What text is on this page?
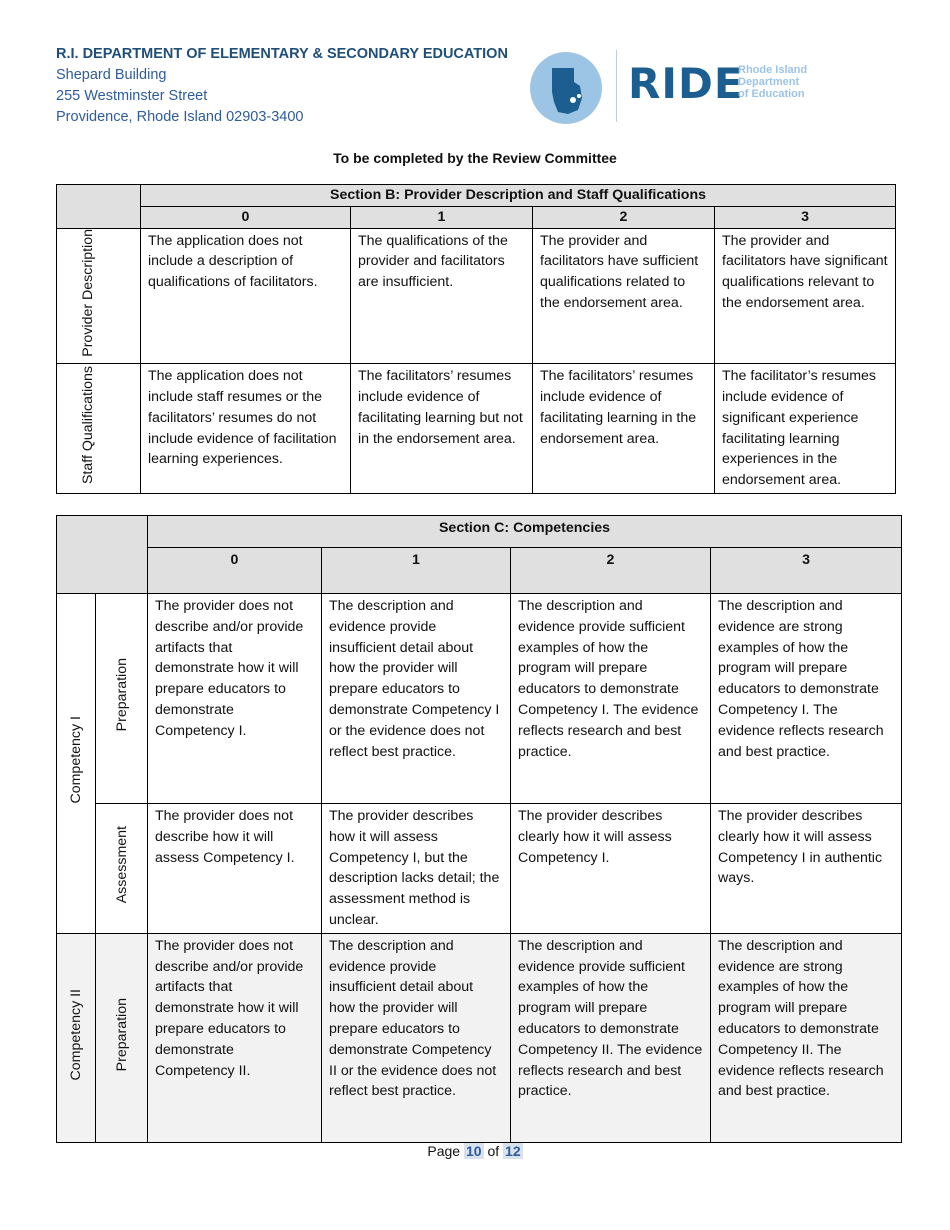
R.I. DEPARTMENT OF ELEMENTARY & SECONDARY EDUCATION
Shepard Building
255 Westminster Street
Providence, Rhode Island 02903-3400
RIDE
Rhode Island
Department
of Education
To be completed by the Review Committee
	Section B: Provider Description and Staff Qualifications			
	0	1	2	3
Provider Description	The application does not include a description of qualifications of facilitators.	The qualifications of the provider and facilitators are insufficient.	The provider and facilitators have sufficient qualifications related to the endorsement area.	The provider and facilitators have significant qualifications relevant to the endorsement area.
Staff Qualifications	The application does not include staff resumes or the facilitators’ resumes do not include evidence of facilitation learning experiences.	The facilitators’ resumes include evidence of facilitating learning but not in the endorsement area.	The facilitators’ resumes include evidence of facilitating learning in the endorsement area.	The facilitator’s resumes include evidence of significant experience facilitating learning experiences in the endorsement area.
		Section C: Competencies			
		0	1	2	3
Competency I	Preparation	The provider does not describe and/or provide artifacts that demonstrate how it will prepare educators to demonstrate Competency I.	The description and evidence provide insufficient detail about how the provider will prepare educators to demonstrate Competency I or the evidence does not reflect best practice.	The description and evidence provide sufficient examples of how the program will prepare educators to demonstrate Competency I. The evidence reflects research and best practice.	The description and evidence are strong examples of how the program will prepare educators to demonstrate Competency I. The evidence reflects research and best practice.
	Assessment	The provider does not describe how it will assess Competency I.	The provider describes how it will assess Competency I, but the description lacks detail; the assessment method is unclear.	The provider describes clearly how it will assess Competency I.	The provider describes clearly how it will assess Competency I in authentic ways.
Competency II	Preparation	The provider does not describe and/or provide artifacts that demonstrate how it will prepare educators to demonstrate Competency II.	The description and evidence provide insufficient detail about how the provider will prepare educators to demonstrate Competency II or the evidence does not reflect best practice.	The description and evidence provide sufficient examples of how the program will prepare educators to demonstrate Competency II. The evidence reflects research and best practice.	The description and evidence are strong examples of how the program will prepare educators to demonstrate Competency II. The evidence reflects research and best practice.
Page 10 of 12
